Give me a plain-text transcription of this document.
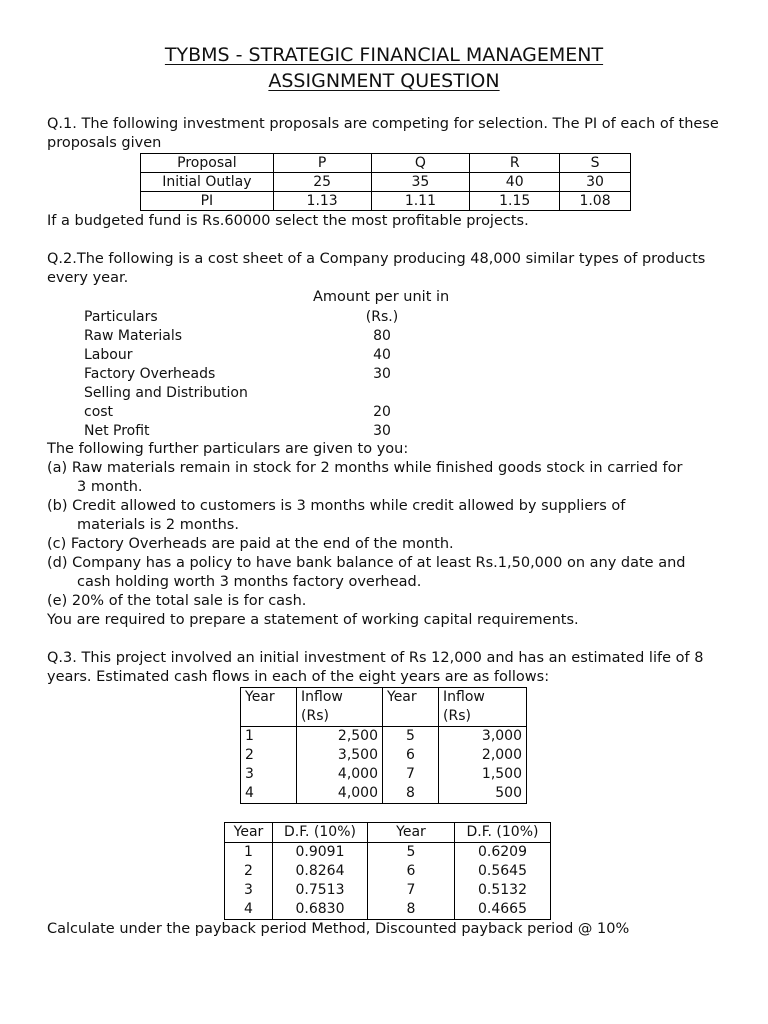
TYBMS - STRATEGIC FINANCIAL MANAGEMENT
ASSIGNMENT QUESTION
Q.1. The following investment proposals are competing for selection. The PI of each of these
proposals given
Proposal	P	Q	R	S
Initial Outlay	25	35	40	30
PI	1.13	1.11	1.15	1.08
If a budgeted fund is Rs.60000 select the most profitable projects.
Q.2.The following is a cost sheet of a Company producing 48,000 similar types of products
every year.
Amount per unit in
Particulars	(Rs.)
Raw Materials	80
Labour	40
Factory Overheads	30
Selling and Distribution	
cost	20
Net Profit	30
The following further particulars are given to you:
(a) Raw materials remain in stock for 2 months while finished goods stock in carried for
3 month.
(b) Credit allowed to customers is 3 months while credit allowed by suppliers of
materials is 2 months.
(c) Factory Overheads are paid at the end of the month.
(d) Company has a policy to have bank balance of at least Rs.1,50,000 on any date and
cash holding worth 3 months factory overhead.
(e) 20% of the total sale is for cash.
You are required to prepare a statement of working capital requirements.
Q.3. This project involved an initial investment of Rs 12,000 and has an estimated life of 8
years. Estimated cash flows in each of the eight years are as follows:
Year	Inflow	Year	Inflow
	(Rs)		(Rs)
1	2,500	5	3,000
2	3,500	6	2,000
3	4,000	7	1,500
4	4,000	8	500
Year	D.F. (10%)	Year	D.F. (10%)
1	0.9091	5	0.6209
2	0.8264	6	0.5645
3	0.7513	7	0.5132
4	0.6830	8	0.4665
Calculate under the payback period Method, Discounted payback period @ 10%
